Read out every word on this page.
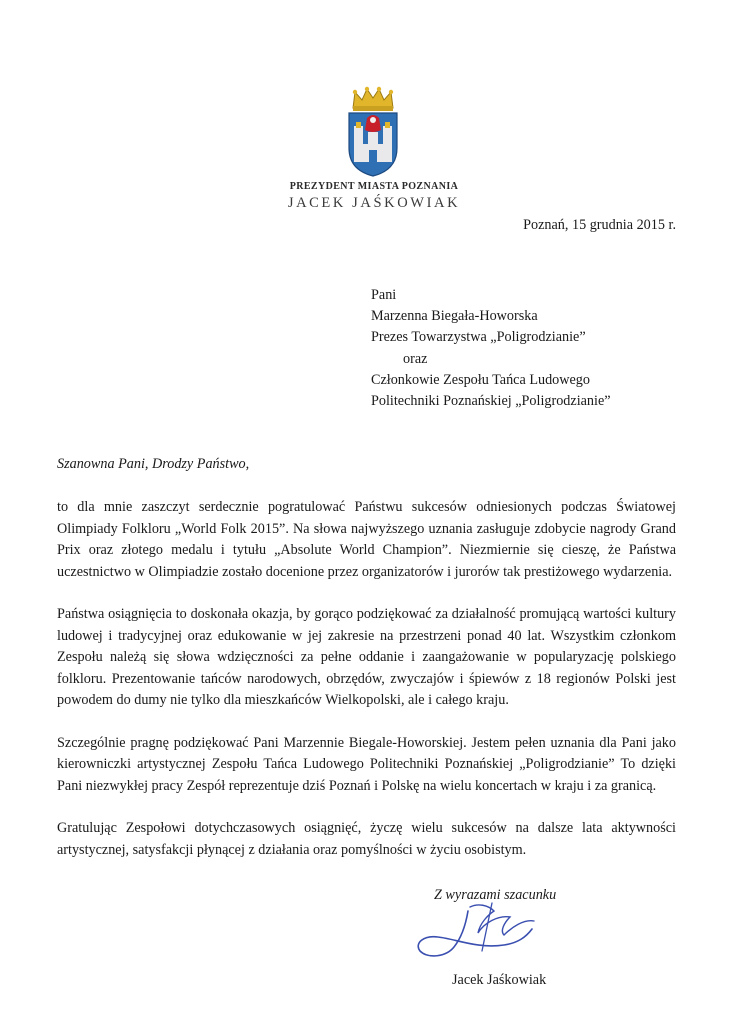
PREZYDENT MIASTA POZNANIA
JACEK JAŚKOWIAK
Poznań, 15 grudnia 2015 r.
Pani
Marzenna Biegała-Howorska
Prezes Towarzystwa „Poligrodzianie”
oraz
Członkowie Zespołu Tańca Ludowego
Politechniki Poznańskiej „Poligrodzianie”
Szanowna Pani, Drodzy Państwo,

to dla mnie zaszczyt serdecznie pogratulować Państwu sukcesów odniesionych podczas Światowej Olimpiady Folkloru „World Folk 2015”. Na słowa najwyższego uznania zasługuje zdobycie nagrody Grand Prix oraz złotego medalu i tytułu „Absolute World Champion”. Niezmiernie się cieszę, że Państwa uczestnictwo w Olimpiadzie zostało docenione przez organizatorów i jurorów tak prestiżowego wydarzenia.

Państwa osiągnięcia to doskonała okazja, by gorąco podziękować za działalność promującą wartości kultury ludowej i tradycyjnej oraz edukowanie w jej zakresie na przestrzeni ponad 40 lat. Wszystkim członkom Zespołu należą się słowa wdzięczności za pełne oddanie i zaangażowanie w popularyzację polskiego folkloru. Prezentowanie tańców narodowych, obrzędów, zwyczajów i śpiewów z 18 regionów Polski jest powodem do dumy nie tylko dla mieszkańców Wielkopolski, ale i całego kraju.

Szczególnie pragnę podziękować Pani Marzennie Biegale-Howorskiej. Jestem pełen uznania dla Pani jako kierowniczki artystycznej Zespołu Tańca Ludowego Politechniki Poznańskiej „Poligrodzianie” To dzięki Pani niezwykłej pracy Zespół reprezentuje dziś Poznań i Polskę na wielu koncertach w kraju i za granicą.

Gratulując Zespołowi dotychczasowych osiągnięć, życzę wielu sukcesów na dalsze lata aktywności artystycznej, satysfakcji płynącej z działania oraz pomyślności w życiu osobistym.

Z wyrazami szacunku
Jacek Jaśkowiak
